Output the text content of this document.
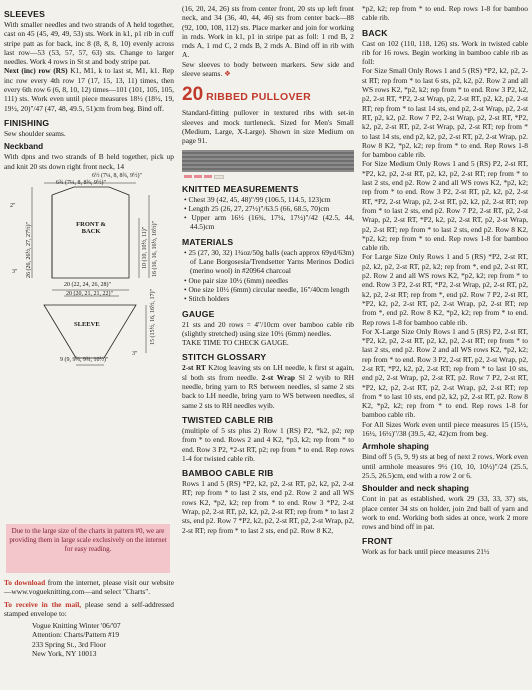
SLEEVES

With smaller needles and two strands of A held together, cast on 45 (45, 49, 49, 53) sts. Work in k1, p1 rib in cuff stripe patt as for back, inc 8 (8, 8, 8, 10) evenly across last row—53 (53, 57, 57, 63) sts. Change to larger needles. Work 4 rows in St st and body stripe pat.

Next (inc) row (RS) K1, M1, k to last st, M1, k1. Rep inc row every 4th row 17 (17, 15, 13, 11) times, then every 6th row 6 (6, 8, 10, 12) times—101 (101, 105, 105, 111) sts. Work even until piece measures 18½ (18½, 19, 19½, 20)"/47 (47, 48, 49.5, 51)cm from beg. Bind off.

FINISHING

Sew shoulder seams.

Neckband

With dpns and two strands of B held together, pick up and knit 20 sts down right front neck, 14

6½ (7¼, 8, 8¾, 9½)"
6¾ (7¼, 8, 8¾, 9½)"
2"
26 (26, 26½, 27, 27½)"	FRONT & BACK	10 (10, 10½, 11)" 16 (16, 16, 16½, 16½)"
3"
20 (22, 24, 26, 28)"
20 (20, 21, 21, 22)"
SLEEVE	15 (15½, 16, 16½, 17)"
3"
9 (9, 9¾, 9¾, 10½)"
Due to the large size of the charts in pattern #0, we are providing them in large scale exclusively on the internet for easy reading.

To download from the internet, please visit our website—www.vogueknitting.com—and select "Charts".

To receive in the mail, please send a self-addressed stamped envelope to:

Vogue Knitting Winter '06/'07
Attention: Charts/Pattern #19
233 Spring St., 3rd Floor
New York, NY 10013

(16, 20, 24, 26) sts from center front, 20 sts up left front neck, and 34 (36, 40, 44, 46) sts from center back—88 (92, 100, 108, 112) sts. Place marker and join for working in rnds. Work in k1, p1 in stripe pat as foll: 1 rnd B, 2 rnds A, 1 rnd C, 2 rnds B, 2 rnds A. Bind off in rib with A.

Sew sleeves to body between markers. Sew side and sleeve seams. ❖

20 RIBBED PULLOVER

Standard-fitting pullover in textured ribs with set-in sleeves and mock turtleneck. Sized for Men's Small (Medium, Large, X-Large). Shown in size Medium on page 91.

KNITTED MEASUREMENTS

• Chest 39 (42, 45, 48)"/99 (106.5, 114.5, 123)cm

• Length 25 (26, 27, 27½)"/63.5 (66, 68.5, 70)cm

• Upper arm 16½ (16¾, 17¼, 17½)"/42 (42.5, 44, 44.5)cm

MATERIALS

• 25 (27, 30, 32) 1¾oz/50g balls (each approx 69yd/63m) of Lane Borgosesia/Trendsetter Yarns Merinos Dodici (merino wool) in #20964 charcoal

• One pair size 10½ (6mm) needles

• One size 10½ (6mm) circular needle, 16"/40cm length

• Stitch holders

GAUGE

21 sts and 20 rows = 4"/10cm over bamboo cable rib (slightly stretched) using size 10½ (6mm) needles.

TAKE TIME TO CHECK GAUGE.

STITCH GLOSSARY

2-st RT K2tog leaving sts on LH needle, k first st again, sl both sts from needle. 2-st Wrap Sl 2 wyib to RH needle, bring yarn to RS between needles, sl same 2 sts back to LH needle, bring yarn to WS between needles, sl same 2 sts to RH needles wyib.

TWISTED CABLE RIB

(multiple of 5 sts plus 2) Row 1 (RS) P2, *k2, p2; rep from * to end. Rows 2 and 4 K2, *p3, k2; rep from * to end. Row 3 P2, *2-st RT, p2; rep from * to end. Rep rows 1-4 for twisted cable rib.

BAMBOO CABLE RIB

Rows 1 and 5 (RS) *P2, k2, p2, 2-st RT, p2, k2, p2, 2-st RT; rep from * to last 2 sts, end p2. Row 2 and all WS rows K2, *p2, k2; rep from * to end. Row 3 *P2, 2-st Wrap, p2, 2-st RT, p2, k2, p2, 2-st RT; rep from * to last 2 sts, end p2. Row 7 *P2, k2, p2, 2-st RT, p2, 2-st Wrap, p2, 2-st RT; rep from * to last 2 sts, end p2. Row 8 K2,

*p2, k2; rep from * to end. Rep rows 1-8 for bamboo cable rib.

BACK

Cast on 102 (110, 118, 126) sts. Work in twisted cable rib for 16 rows. Begin working in bamboo cable rib as foll:

For Size Small Only Rows 1 and 5 (RS) *P2, k2, p2, 2-st RT; rep from * to last 6 sts, p2, k2, p2. Row 2 and all WS rows K2, *p2, k2; rep from * to end. Row 3 P2, k2, p2, 2-st RT, *P2, 2-st Wrap, p2, 2-st RT, p2, k2, p2, 2-st RT; rep from * to last 14 sts, end p2, 2-st Wrap, p2, 2-st RT, p2, k2, p2. Row 7 P2, 2-st Wrap, p2, 2-st RT, *P2, k2, p2, 2-st RT, p2, 2-st Wrap, p2, 2-st RT; rep from * to last 14 sts, end p2, k2, p2, 2-st RT, p2, 2-st Wrap, p2. Row 8 K2, *p2, k2; rep from * to end. Rep Rows 1-8 for bamboo cable rib.

For Size Medium Only Rows 1 and 5 (RS) P2, 2-st RT, *P2, k2, p2, 2-st RT, p2, k2, p2, 2-st RT; rep from * to last 2 sts, end p2. Row 2 and all WS rows K2, *p2, k2; rep from * to end. Row 3 P2, 2-st RT, p2, k2, p2, 2-st RT, *P2, 2-st Wrap, p2, 2-st RT, p2, k2, p2, 2-st RT; rep from * to last 2 sts, end p2. Row 7 P2, 2-st RT, p2, 2-st Wrap, p2, 2-st RT, *P2, k2, p2, 2-st RT, p2, 2-st Wrap, p2, 2-st RT; rep from * to last 2 sts, end p2. Row 8 K2, *p2, k2; rep from * to end. Rep rows 1-8 for bamboo cable rib.

For Large Size Only Rows 1 and 5 (RS) *P2, 2-st RT, p2, k2, p2, 2-st RT, p2, k2; rep from *, end p2, 2-st RT, p2. Row 2 and all WS rows K2, *p2, k2; rep from * to end. Row 3 P2, 2-st RT, *P2, 2-st Wrap, p2, 2-st RT, p2, k2, p2, 2-st RT; rep from *, end p2. Row 7 P2, 2-st RT, *P2, k2, p2, 2-st RT, p2, 2-st Wrap, p2, 2-st RT; rep from *, end p2. Row 8 K2, *p2, k2; rep from * to end. Rep rows 1-8 for bamboo cable rib.

For X-Large Size Only Rows 1 and 5 (RS) P2, 2-st RT, *P2, k2, p2, 2-st RT, p2, k2, p2, 2-st RT; rep from * to last 2 sts, end p2. Row 2 and all WS rows K2, *p2, k2; rep from * to end. Row 3 P2, 2-st RT, p2, 2-st Wrap, p2, 2-st RT, *P2, k2, p2, 2-st RT; rep from * to last 10 sts, end p2, 2-st Wrap, p2, 2-st RT, p2. Row 7 P2, 2-st RT, *P2, k2, p2, 2-st RT, p2, 2-st Wrap, p2, 2-st RT; rep from * to last 10 sts, end p2, k2, p2, 2-st RT, p2. Row 8 K2, *p2, k2; rep from * to end. Rep rows 1-8 for bamboo cable rib.

For All Sizes Work even until piece measures 15 (15½, 16½, 16½)"/38 (39.5, 42, 42)cm from beg.

Armhole shaping

Bind off 5 (5, 9, 9) sts at beg of next 2 rows. Work even until armhole measures 9½ (10, 10, 10½)"/24 (25.5, 25.5, 26.5)cm, end with a row 2 or 6.

Shoulder and neck shaping

Cont in pat as established, work 29 (33, 33, 37) sts, place center 34 sts on holder, join 2nd ball of yarn and work to end. Working both sides at once, work 2 more rows and bind off in pat.

FRONT

Work as for back until piece measures 21½
